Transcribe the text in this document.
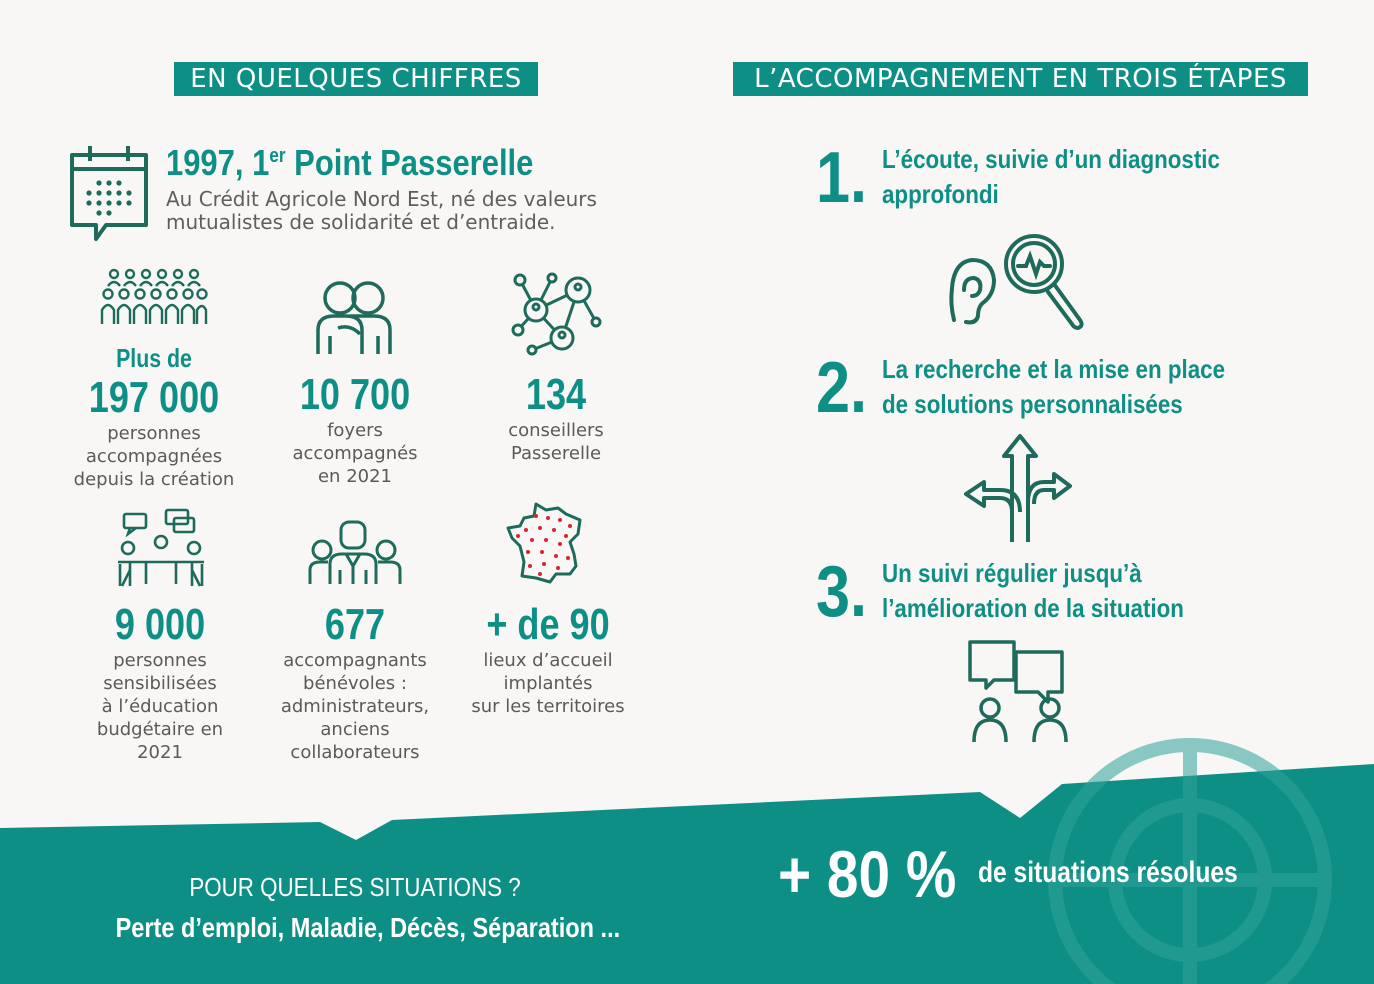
EN QUELQUES CHIFFRES	L’ACCOMPAGNEMENT EN TROIS ÉTAPES
1997, 1er Point Passerelle
Au Crédit Agricole Nord Est, né des valeurs
mutualistes de solidarité et d’entraide.
Plus de
197 000
personnes
accompagnées
depuis la création
10 700
foyers
accompagnés
en 2021
134
conseillers
Passerelle
9 000
personnes
sensibilisées
à l’éducation
budgétaire en
2021
677
accompagnants
bénévoles :
administrateurs,
anciens
collaborateurs
+ de 90
lieux d’accueil
implantés
sur les territoires
1. L’écoute, suivie d’un diagnostic
approfondi
2. La recherche et la mise en place
de solutions personnalisées
3. Un suivi régulier jusqu’à
l’amélioration de la situation
POUR QUELLES SITUATIONS ?
Perte d’emploi, Maladie, Décès, Séparation ...
+ 80 % de situations résolues
